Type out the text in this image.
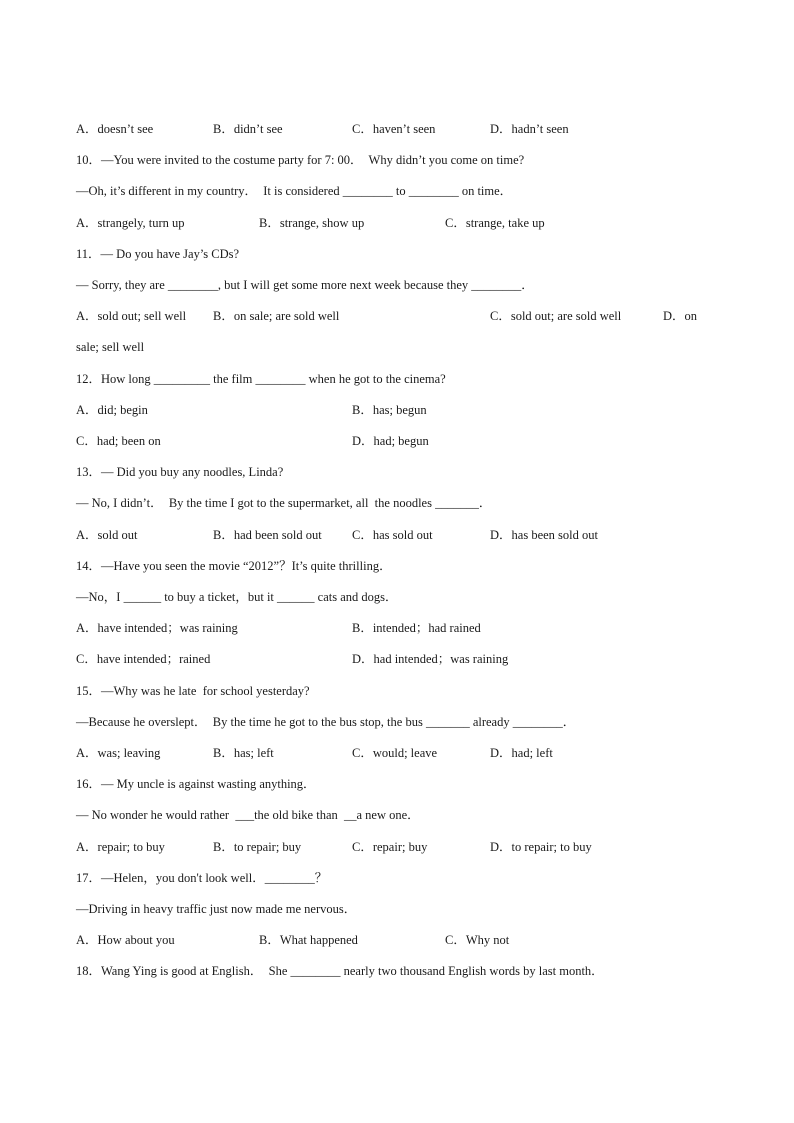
A．doesn’t see	B．didn’t see	C．haven’t seen	D．hadn’t seen
10．—You were invited to the costume party for 7: 00．  Why didn’t you come on time?
—Oh, it’s different in my country．  It is considered ________ to ________ on time．
A．strangely, turn up	B．strange, show up	C．strange, take up
11．— Do you have Jay’s CDs?
— Sorry, they are ________, but I will get some more next week because they ________．
A．sold out; sell well B．on sale; are sold well	C．sold out; are sold well	D．on
sale; sell well
12．How long _________ the film ________ when he got to the cinema?
A．did; begin	B．has; begun
C．had; been on	D．had; begun
13．— Did you buy any noodles, Linda?
— No, I didn’t．  By the time I got to the supermarket, all  the noodles _______．
A．sold out	B．had been sold out C．has sold out	D．has been sold out
14．—Have you seen the movie “2012”？It’s quite thrilling．
—No，I ______ to buy a ticket，but it ______ cats and dogs．
A．have intended；was raining	B．intended；had rained
C．have intended；rained	D．had intended；was raining
15．—Why was he late  for school yesterday?
—Because he overslept．  By the time he got to the bus stop, the bus _______ already ________．
A．was; leaving	B．has; left	C．would; leave	D．had; left
16．— My uncle is against wasting anything．
— No wonder he would rather  ___the old bike than  __a new one．
A．repair; to buy	B．to repair; buy	C．repair; buy	D．to repair; to buy
17．—Helen，you don't look well．________？
—Driving in heavy traffic just now made me nervous．
A．How about you	B．What happened	C．Why not
18．Wang Ying is good at English．  She ________ nearly two thousand English words by last month．
